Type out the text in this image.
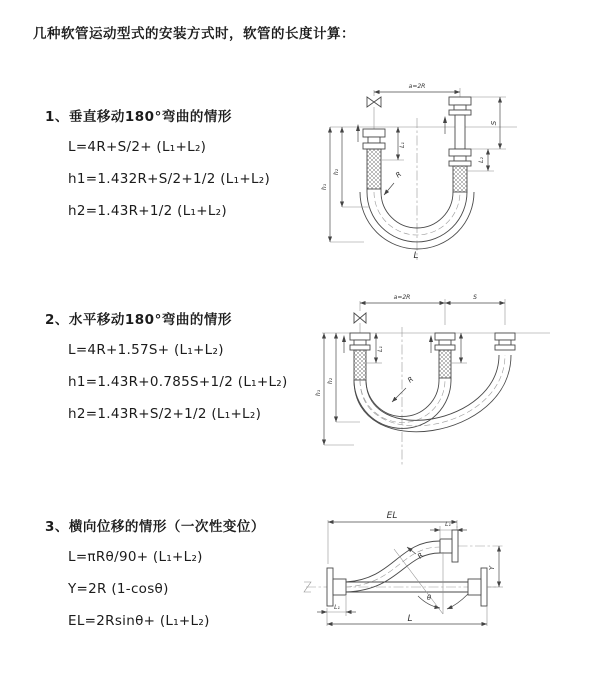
几种软管运动型式的安装方式时，软管的长度计算：
1、垂直移动180°弯曲的情形

L=4R+S/2+ (L₁+L₂)

h1=1.432R+S/2+1/2 (L₁+L₂)

h2=1.43R+1/2 (L₁+L₂)

a=2R
R
h₂
h₁
L₁
S
L₂
L
2、水平移动180°弯曲的情形

L=4R+1.57S+ (L₁+L₂)

h1=1.43R+0.785S+1/2 (L₁+L₂)

h2=1.43R+S/2+1/2 (L₁+L₂)

a=2R	S
L₁
R
h₂
h₁
3、横向位移的情形（一次性变位）

L=πRθ/90+ (L₁+L₂)

Y=2R (1-cosθ)

EL=2Rsinθ+ (L₁+L₂)

EL
L₁
θ
R
Y
L₁
L
